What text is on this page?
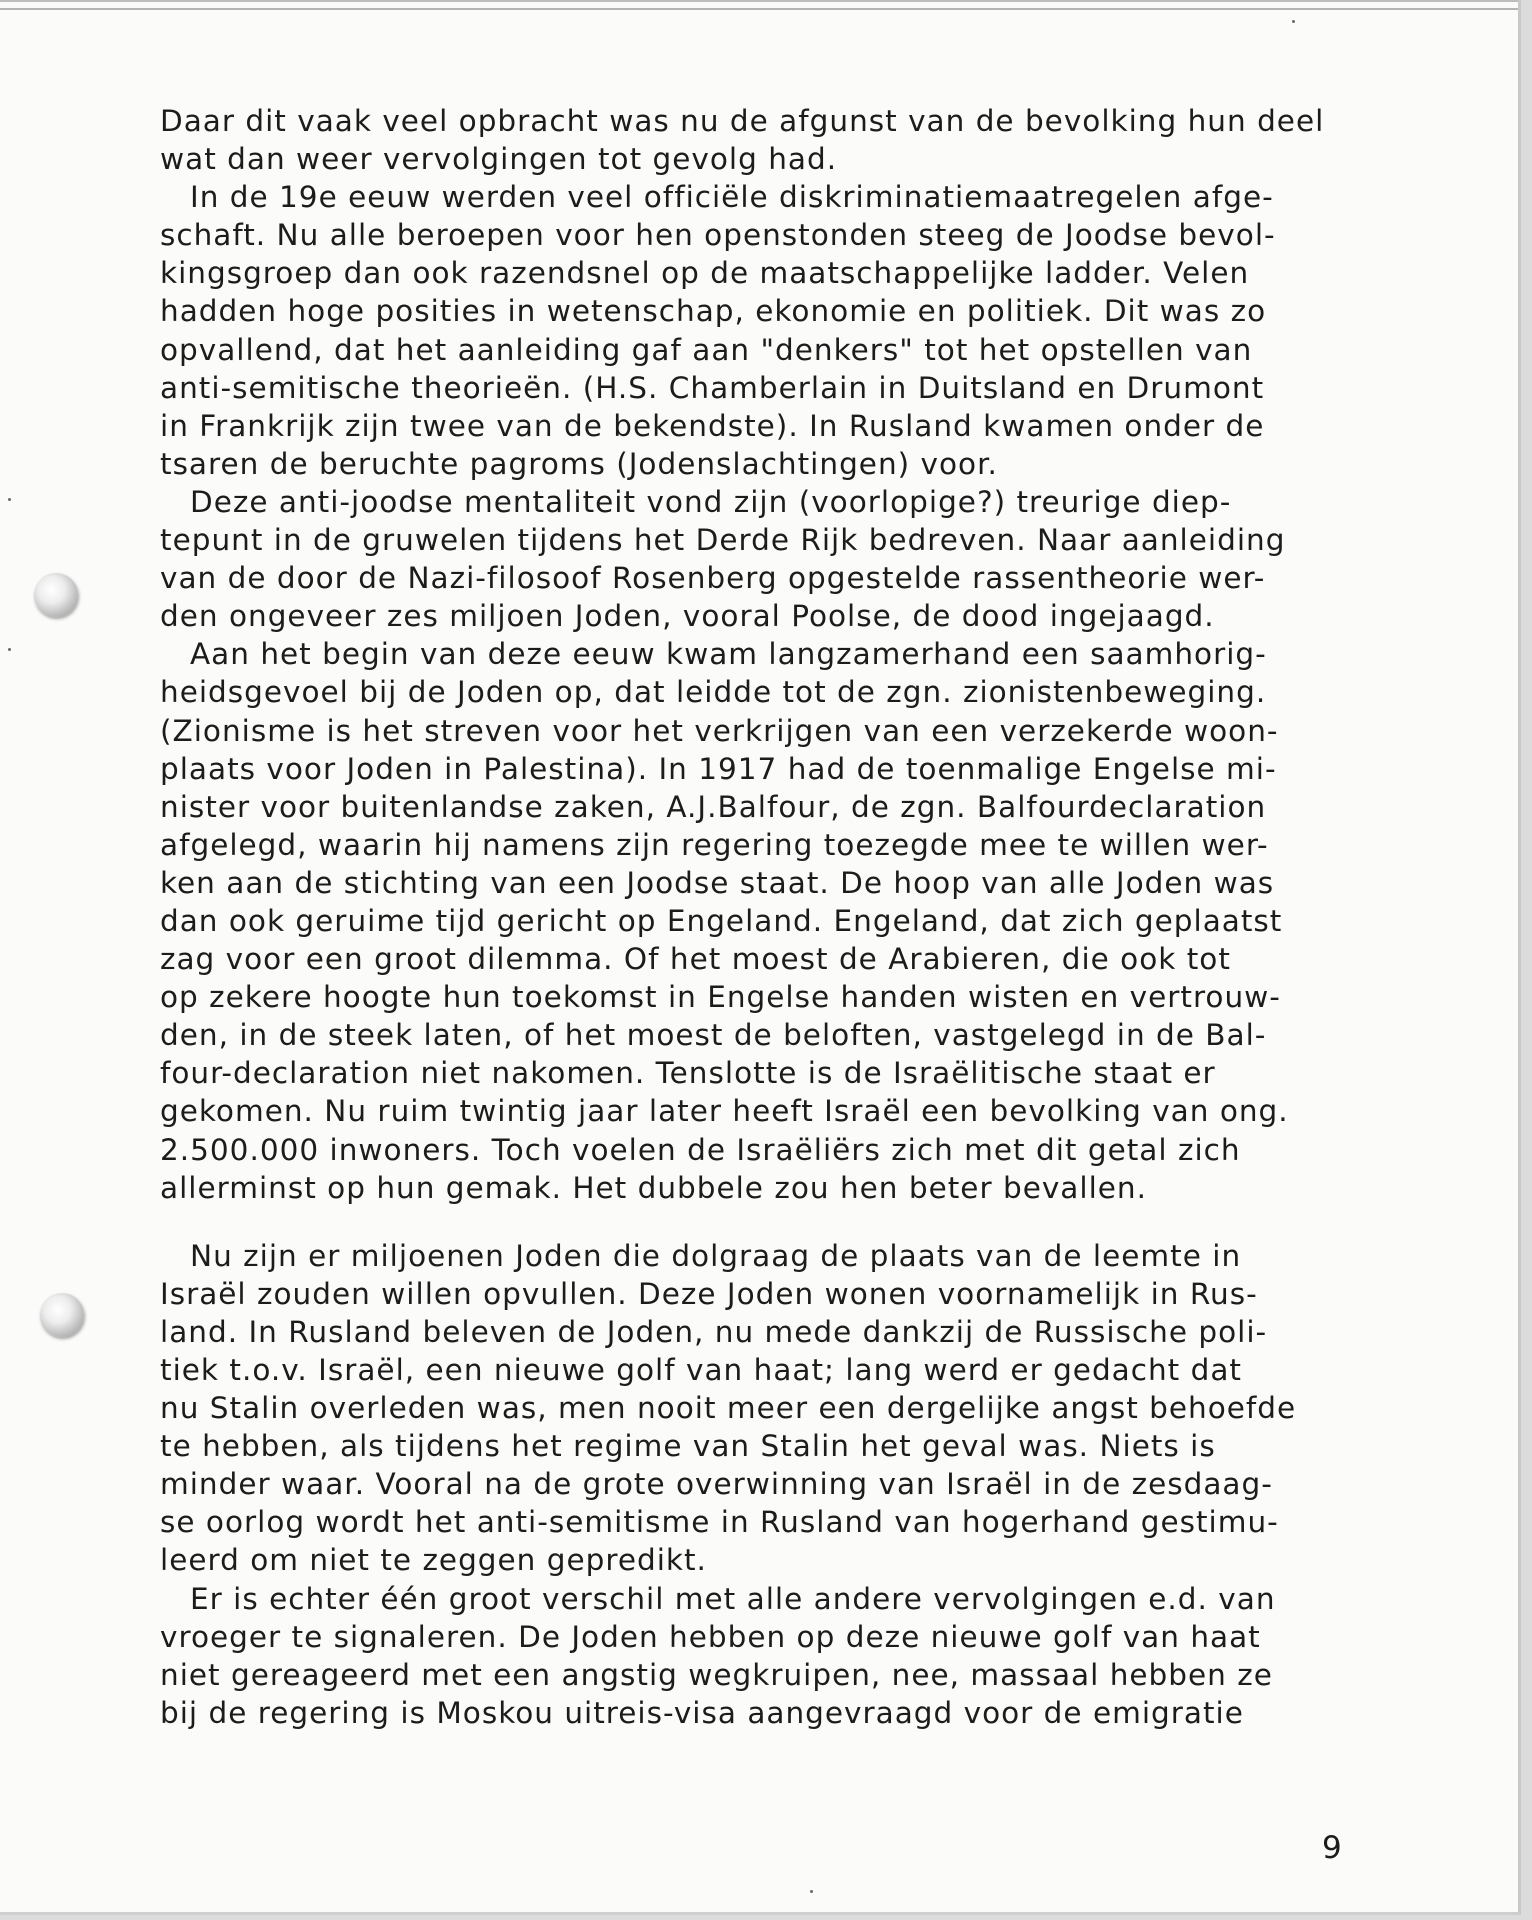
Daar dit vaak veel opbracht was nu de afgunst van de bevolking hun deel
wat dan weer vervolgingen tot gevolg had.
In de 19e eeuw werden veel officiële diskriminatiemaatregelen afge-
schaft. Nu alle beroepen voor hen openstonden steeg de Joodse bevol-
kingsgroep dan ook razendsnel op de maatschappelijke ladder. Velen
hadden hoge posities in wetenschap, ekonomie en politiek. Dit was zo
opvallend, dat het aanleiding gaf aan "denkers" tot het opstellen van
anti-semitische theorieën. (H.S. Chamberlain in Duitsland en Drumont
in Frankrijk zijn twee van de bekendste). In Rusland kwamen onder de
tsaren de beruchte pagroms (Jodenslachtingen) voor.
Deze anti-joodse mentaliteit vond zijn (voorlopige?) treurige diep-
tepunt in de gruwelen tijdens het Derde Rijk bedreven. Naar aanleiding
van de door de Nazi-filosoof Rosenberg opgestelde rassentheorie wer-
den ongeveer zes miljoen Joden, vooral Poolse, de dood ingejaagd.
Aan het begin van deze eeuw kwam langzamerhand een saamhorig-
heidsgevoel bij de Joden op, dat leidde tot de zgn. zionistenbeweging.
(Zionisme is het streven voor het verkrijgen van een verzekerde woon-
plaats voor Joden in Palestina). In 1917 had de toenmalige Engelse mi-
nister voor buitenlandse zaken, A.J.Balfour, de zgn. Balfourdeclaration
afgelegd, waarin hij namens zijn regering toezegde mee te willen wer-
ken aan de stichting van een Joodse staat. De hoop van alle Joden was
dan ook geruime tijd gericht op Engeland. Engeland, dat zich geplaatst
zag voor een groot dilemma. Of het moest de Arabieren, die ook tot
op zekere hoogte hun toekomst in Engelse handen wisten en vertrouw-
den, in de steek laten, of het moest de beloften, vastgelegd in de Bal-
four-declaration niet nakomen. Tenslotte is de Israëlitische staat er
gekomen. Nu ruim twintig jaar later heeft Israël een bevolking van ong.
2.500.000 inwoners. Toch voelen de Israëliërs zich met dit getal zich
allerminst op hun gemak. Het dubbele zou hen beter bevallen.
Nu zijn er miljoenen Joden die dolgraag de plaats van de leemte in
Israël zouden willen opvullen. Deze Joden wonen voornamelijk in Rus-
land. In Rusland beleven de Joden, nu mede dankzij de Russische poli-
tiek t.o.v. Israël, een nieuwe golf van haat; lang werd er gedacht dat
nu Stalin overleden was, men nooit meer een dergelijke angst behoefde
te hebben, als tijdens het regime van Stalin het geval was. Niets is
minder waar. Vooral na de grote overwinning van Israël in de zesdaag-
se oorlog wordt het anti-semitisme in Rusland van hogerhand gestimu-
leerd om niet te zeggen gepredikt.
Er is echter één groot verschil met alle andere vervolgingen e.d. van
vroeger te signaleren. De Joden hebben op deze nieuwe golf van haat
niet gereageerd met een angstig wegkruipen, nee, massaal hebben ze
bij de regering is Moskou uitreis-visa aangevraagd voor de emigratie
9
